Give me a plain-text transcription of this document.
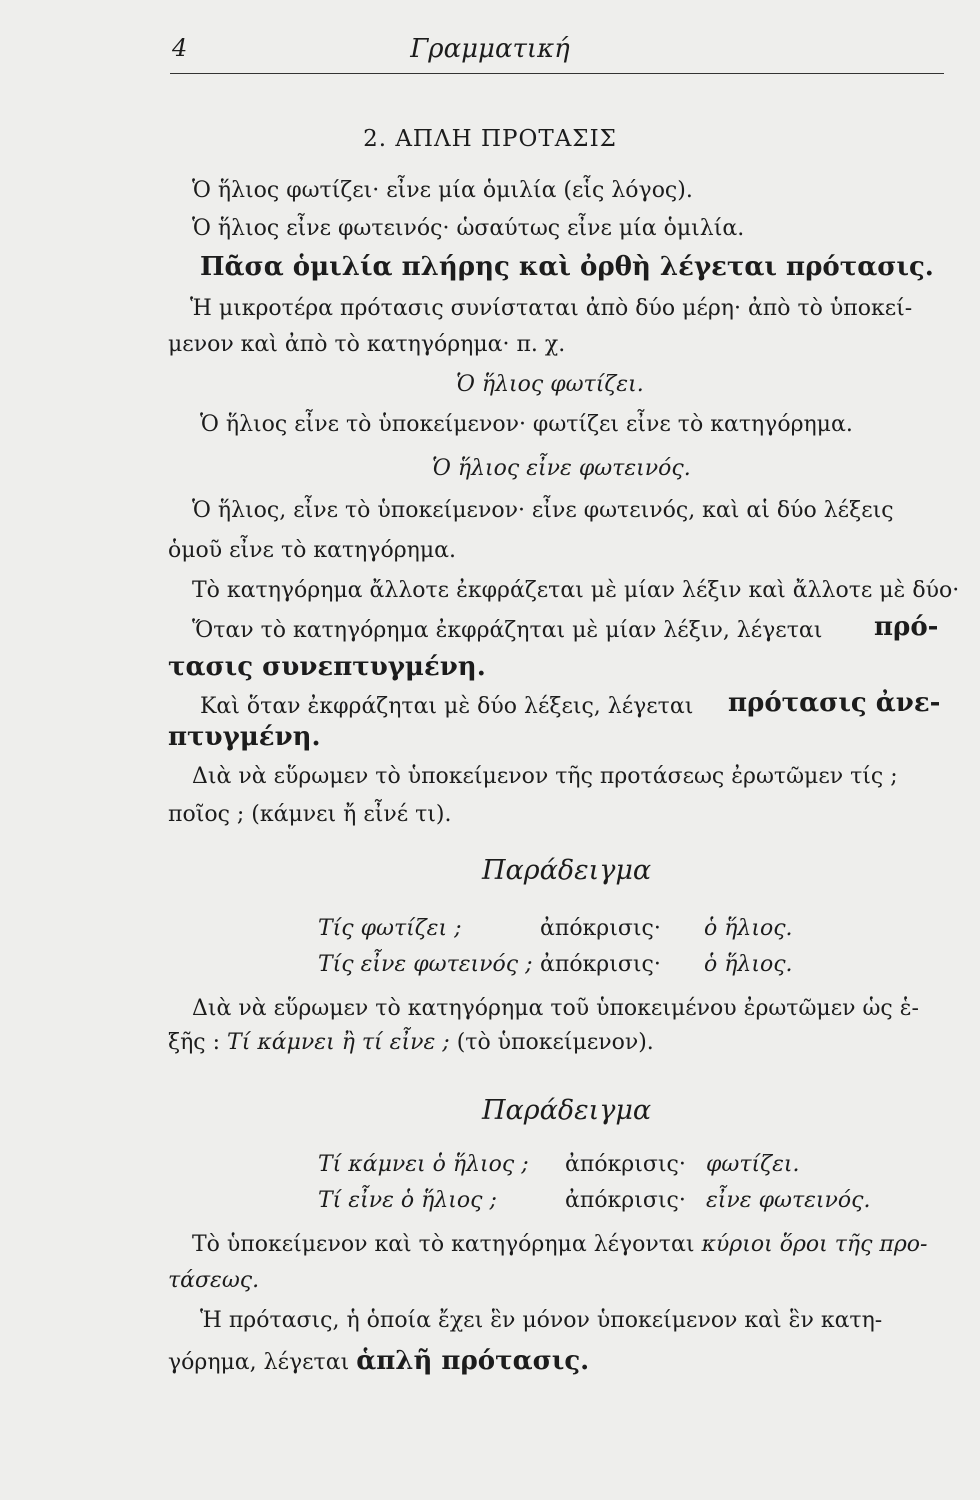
4	Γραμματική
2. ΑΠΛΗ ΠΡΟΤΑΣΙΣ
Ὁ ἥλιος φωτίζει· εἶνε μία ὁμιλία (εἷς λόγος).
Ὁ ἥλιος εἶνε φωτεινός· ὡσαύτως εἶνε μία ὁμιλία.
Πᾶσα ὁμιλία πλήρης καὶ ὀρθὴ λέγεται πρότασις.
Ἡ μικροτέρα πρότασις συνίσταται ἀπὸ δύο μέρη· ἀπὸ τὸ ὑποκεί-
μενον καὶ ἀπὸ τὸ κατηγόρημα· π. χ.
Ὁ ἥλιος φωτίζει.
Ὁ ἥλιος εἶνε τὸ ὑποκείμενον· φωτίζει εἶνε τὸ κατηγόρημα.
Ὁ ἥλιος εἶνε φωτεινός.
Ὁ ἥλιος, εἶνε τὸ ὑποκείμενον· εἶνε φωτεινός, καὶ αἱ δύο λέξεις
ὁμοῦ εἶνε τὸ κατηγόρημα.
Τὸ κατηγόρημα ἄλλοτε ἐκφράζεται μὲ μίαν λέξιν καὶ ἄλλοτε μὲ δύο·
Ὅταν τὸ κατηγόρημα ἐκφράζηται μὲ μίαν λέξιν, λέγεται πρό-
τασις συνεπτυγμένη.
Καὶ ὅταν ἐκφράζηται μὲ δύο λέξεις, λέγεται πρότασις ἀνε-
πτυγμένη.
Διὰ νὰ εὕρωμεν τὸ ὑποκείμενον τῆς προτάσεως ἐρωτῶμεν τίς ;
ποῖος ; (κάμνει ἤ εἶνέ τι).
Παράδειγμα
Τίς φωτίζει ;	ἀπόκρισις· ὁ ἥλιος.
Τίς εἶνε φωτεινός ; ἀπόκρισις· ὁ ἥλιος.
Διὰ νὰ εὕρωμεν τὸ κατηγόρημα τοῦ ὑποκειμένου ἐρωτῶμεν ὡς ἑ-
ξῆς : Τί κάμνει ἢ τί εἶνε ; (τὸ ὑποκείμενον).
Παράδειγμα
Τί κάμνει ὁ ἥλιος ; ἀπόκρισις· φωτίζει.
Τί εἶνε ὁ ἥλιος ;	ἀπόκρισις· εἶνε φωτεινός.
Τὸ ὑποκείμενον καὶ τὸ κατηγόρημα λέγονται κύριοι ὅροι τῆς προ-
τάσεως.
Ἡ πρότασις, ἡ ὁποία ἔχει ἓν μόνον ὑποκείμενον καὶ ἓν κατη-
γόρημα, λέγεται ἁπλῆ πρότασις.
